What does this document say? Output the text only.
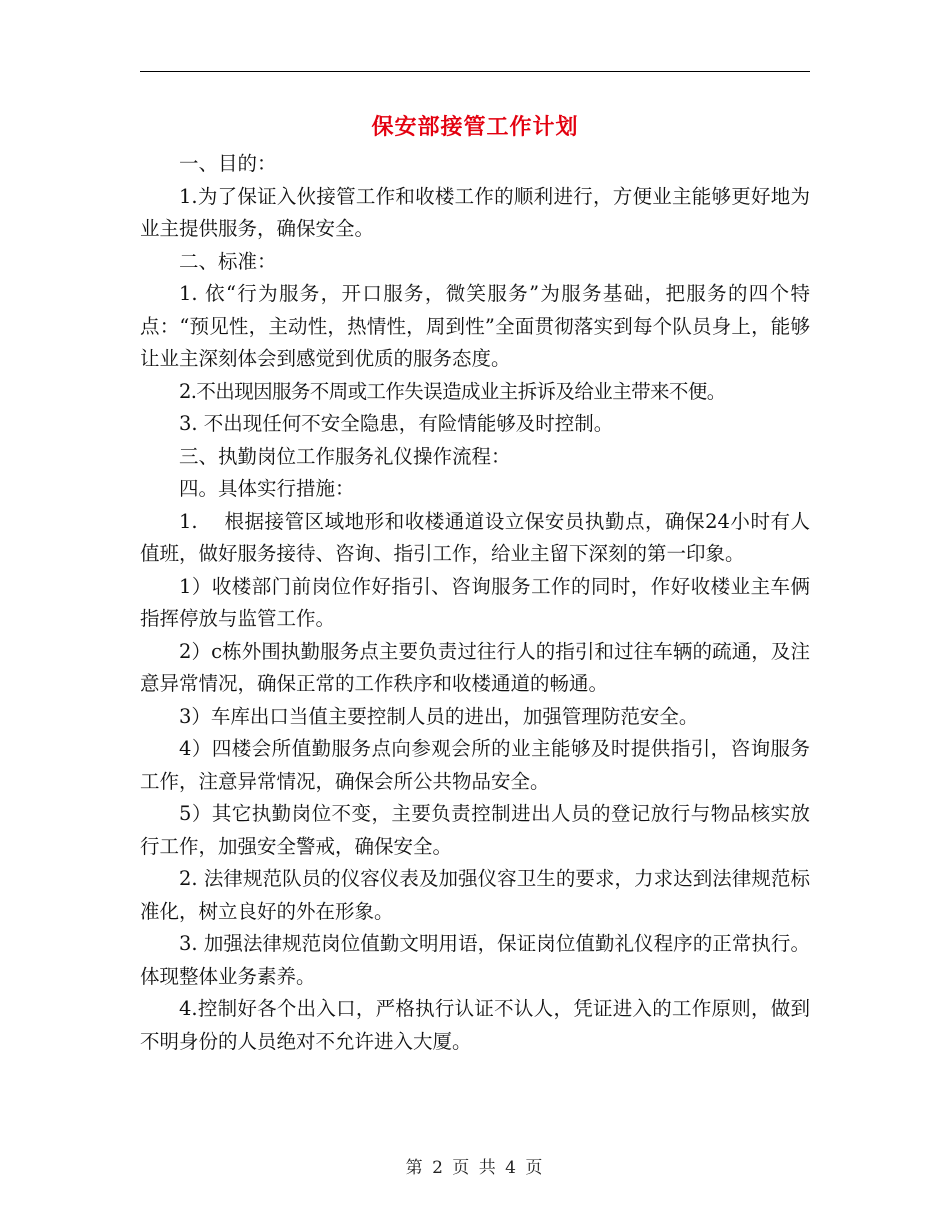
保安部接管工作计划

一、目的：

1.为了保证入伙接管工作和收楼工作的顺利进行，方便业主能够更好地为业主提供服务，确保安全。

二、标准：

1. 依“行为服务，开口服务，微笑服务”为服务基础，把服务的四个特点：“预见性，主动性，热情性，周到性”全面贯彻落实到每个队员身上，能够让业主深刻体会到感觉到优质的服务态度。

2.不出现因服务不周或工作失误造成业主拆诉及给业主带来不便。

3. 不出现任何不安全隐患，有险情能够及时控制。

三、执勤岗位工作服务礼仪操作流程：

四。具体实行措施：

1.    根据接管区域地形和收楼通道设立保安员执勤点，确保24小时有人值班，做好服务接待、咨询、指引工作，给业主留下深刻的第一印象。

1）收楼部门前岗位作好指引、咨询服务工作的同时，作好收楼业主车俩指挥停放与监管工作。

2）c栋外围执勤服务点主要负责过往行人的指引和过往车辆的疏通，及注意异常情况，确保正常的工作秩序和收楼通道的畅通。

3）车库出口当值主要控制人员的进出，加强管理防范安全。

4）四楼会所值勤服务点向参观会所的业主能够及时提供指引，咨询服务工作，注意异常情况，确保会所公共物品安全。

5）其它执勤岗位不变，主要负责控制进出人员的登记放行与物品核实放行工作，加强安全警戒，确保安全。

2. 法律规范队员的仪容仪表及加强仪容卫生的要求，力求达到法律规范标准化，树立良好的外在形象。

3. 加强法律规范岗位值勤文明用语，保证岗位值勤礼仪程序的正常执行。体现整体业务素养。

4.控制好各个出入口，严格执行认证不认人，凭证进入的工作原则，做到不明身份的人员绝对不允许进入大厦。

第 2 页 共 4 页
